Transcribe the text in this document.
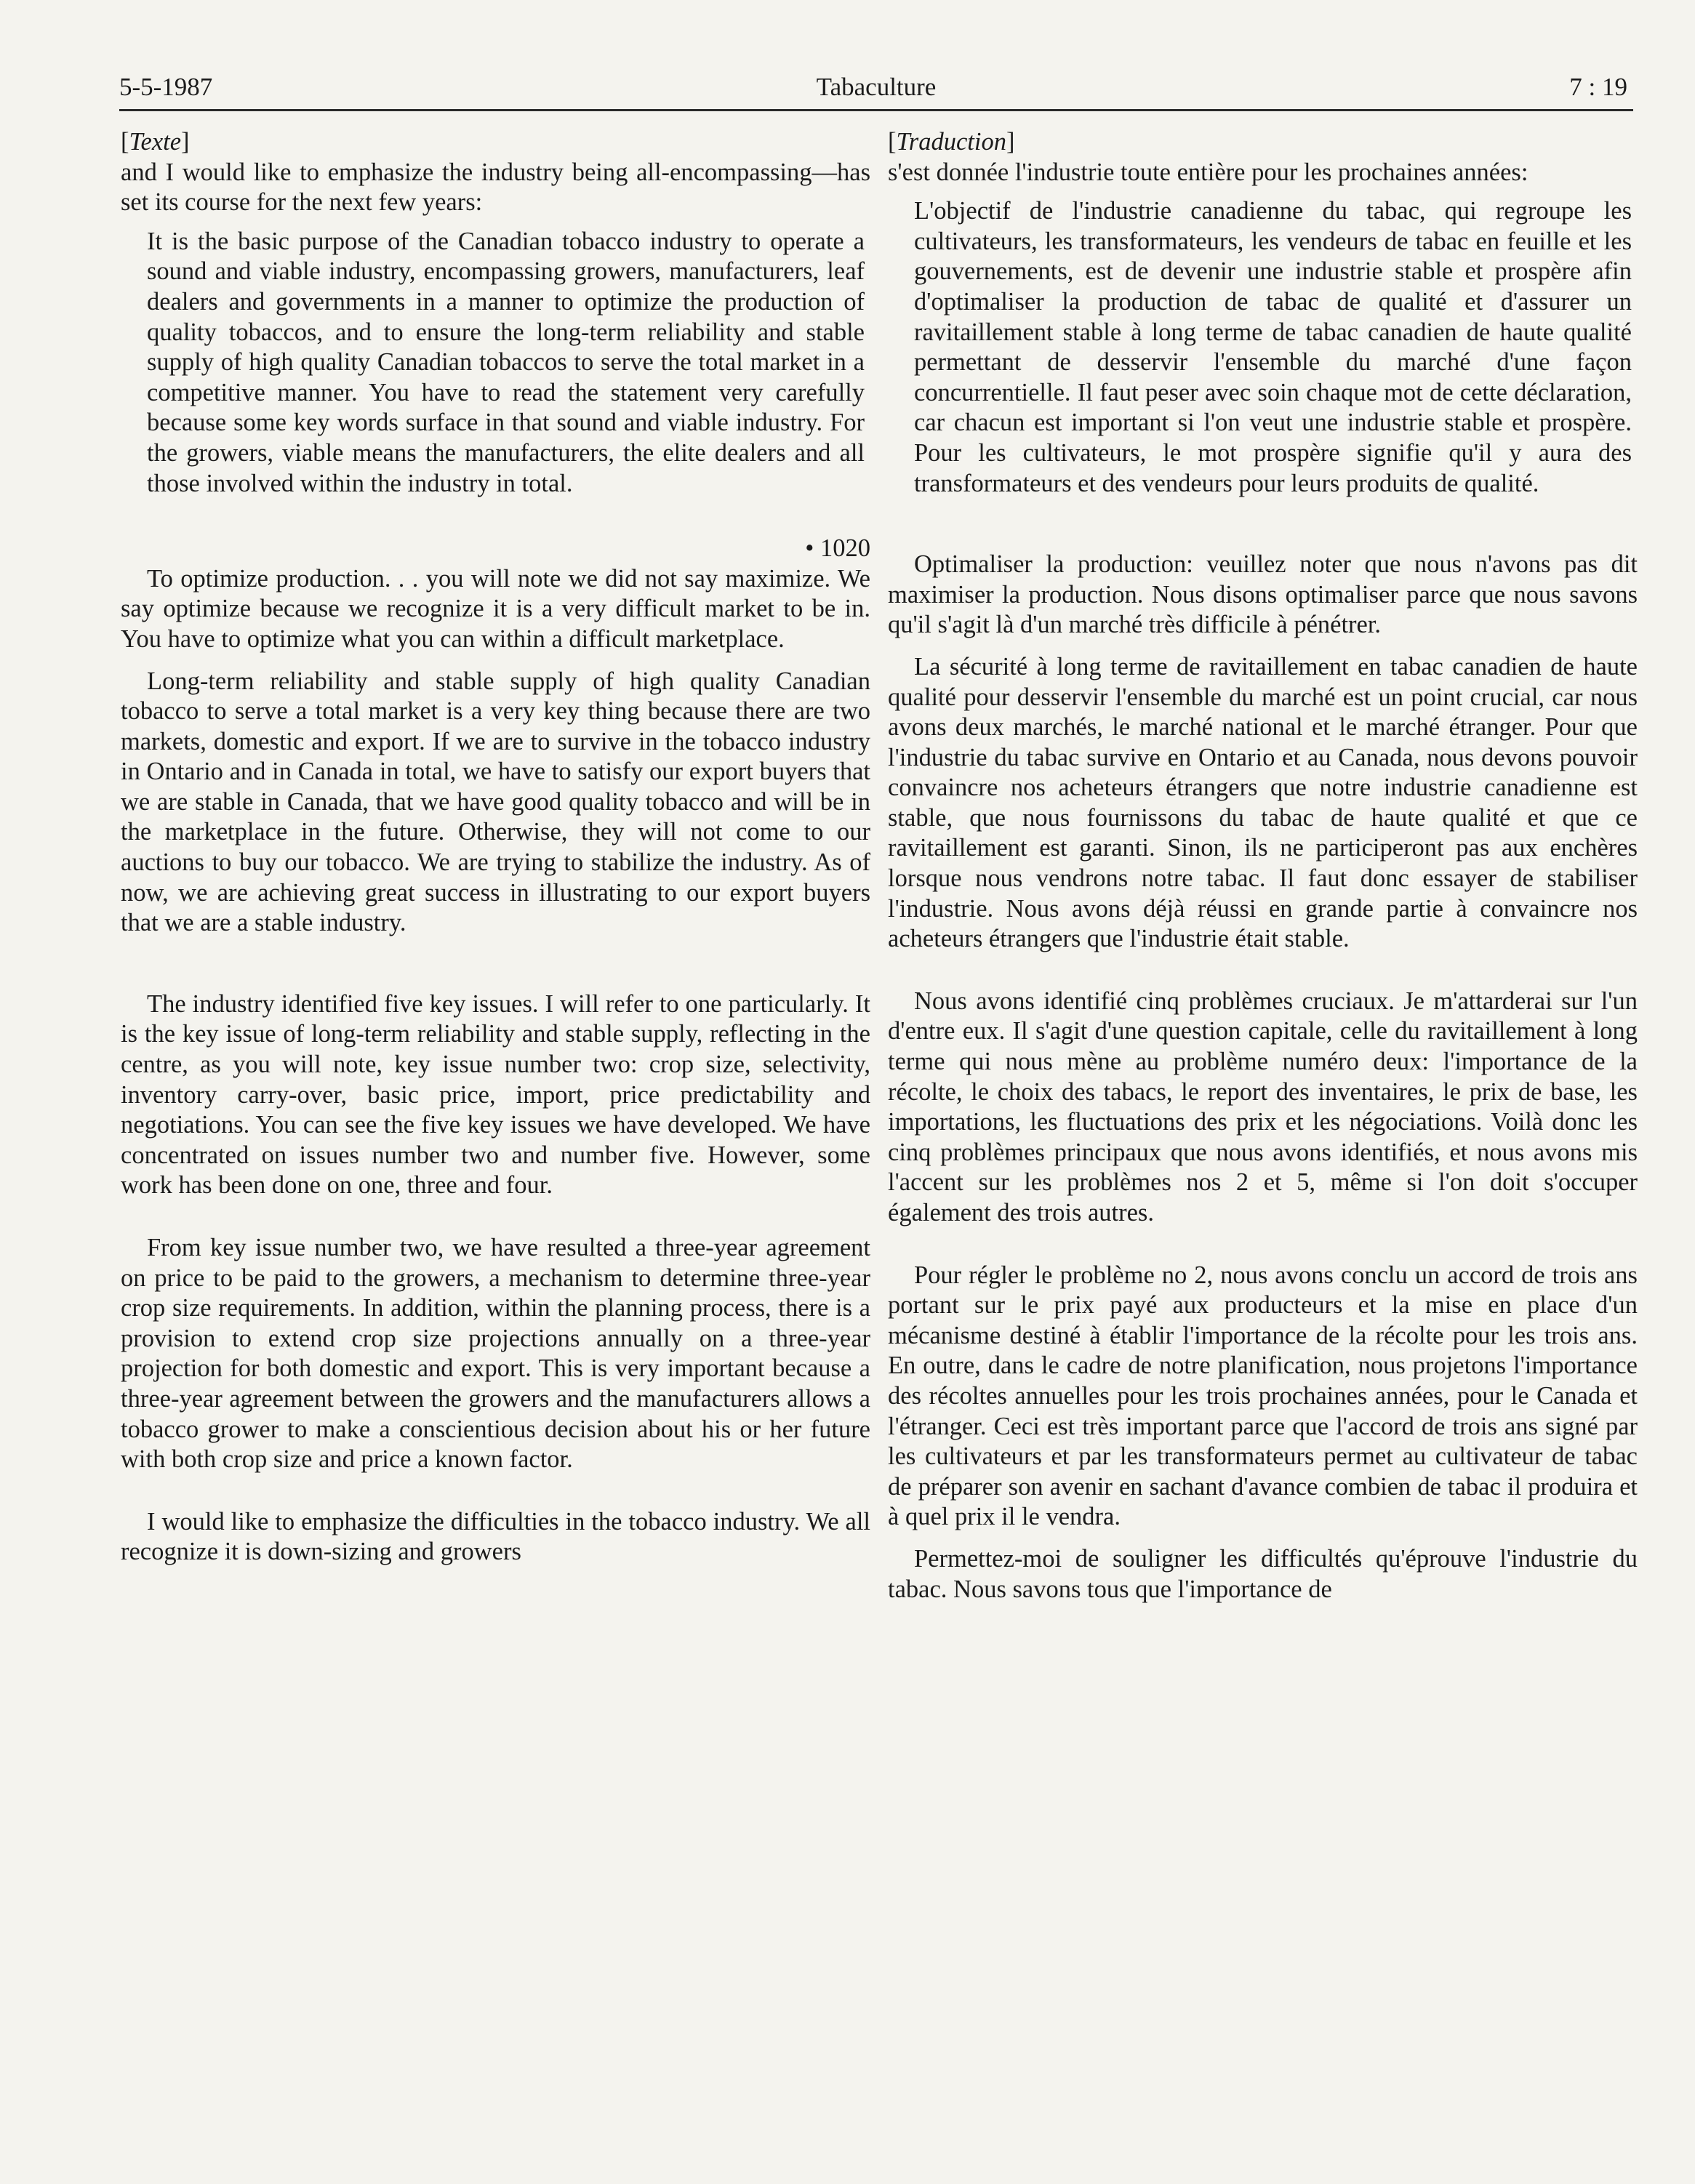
5-5-1987	Tabaculture	7 : 19

[Texte]

and I would like to emphasize the industry being all-encompassing—has set its course for the next few years:

It is the basic purpose of the Canadian tobacco industry to operate a sound and viable industry, encompassing growers, manufacturers, leaf dealers and governments in a manner to optimize the production of quality tobaccos, and to ensure the long-term reliability and stable supply of high quality Canadian tobaccos to serve the total market in a competitive manner. You have to read the statement very carefully because some key words surface in that sound and viable industry. For the growers, viable means the manufacturers, the elite dealers and all those involved within the industry in total.

• 1020

To optimize production. . . you will note we did not say maximize. We say optimize because we recognize it is a very difficult market to be in. You have to optimize what you can within a difficult marketplace.

Long-term reliability and stable supply of high quality Canadian tobacco to serve a total market is a very key thing because there are two markets, domestic and export. If we are to survive in the tobacco industry in Ontario and in Canada in total, we have to satisfy our export buyers that we are stable in Canada, that we have good quality tobacco and will be in the marketplace in the future. Otherwise, they will not come to our auctions to buy our tobacco. We are trying to stabilize the industry. As of now, we are achieving great success in illustrating to our export buyers that we are a stable industry.

The industry identified five key issues. I will refer to one particularly. It is the key issue of long-term reliability and stable supply, reflecting in the centre, as you will note, key issue number two: crop size, selectivity, inventory carry-over, basic price, import, price predictability and negotiations. You can see the five key issues we have developed. We have concentrated on issues number two and number five. However, some work has been done on one, three and four.

From key issue number two, we have resulted a three-year agreement on price to be paid to the growers, a mechanism to determine three-year crop size requirements. In addition, within the planning process, there is a provision to extend crop size projections annually on a three-year projection for both domestic and export. This is very important because a three-year agreement between the growers and the manufacturers allows a tobacco grower to make a conscientious decision about his or her future with both crop size and price a known factor.

I would like to emphasize the difficulties in the tobacco industry. We all recognize it is down-sizing and growers

[Traduction]

s'est donnée l'industrie toute entière pour les prochaines années:

L'objectif de l'industrie canadienne du tabac, qui regroupe les cultivateurs, les transformateurs, les vendeurs de tabac en feuille et les gouvernements, est de devenir une industrie stable et prospère afin d'optimaliser la production de tabac de qualité et d'assurer un ravitaillement stable à long terme de tabac canadien de haute qualité permettant de desservir l'ensemble du marché d'une façon concurrentielle. Il faut peser avec soin chaque mot de cette déclaration, car chacun est important si l'on veut une industrie stable et prospère. Pour les cultivateurs, le mot prospère signifie qu'il y aura des transformateurs et des vendeurs pour leurs produits de qualité.

Optimaliser la production: veuillez noter que nous n'avons pas dit maximiser la production. Nous disons optimaliser parce que nous savons qu'il s'agit là d'un marché très difficile à pénétrer.

La sécurité à long terme de ravitaillement en tabac canadien de haute qualité pour desservir l'ensemble du marché est un point crucial, car nous avons deux marchés, le marché national et le marché étranger. Pour que l'industrie du tabac survive en Ontario et au Canada, nous devons pouvoir convaincre nos acheteurs étrangers que notre industrie canadienne est stable, que nous fournissons du tabac de haute qualité et que ce ravitaillement est garanti. Sinon, ils ne participeront pas aux enchères lorsque nous vendrons notre tabac. Il faut donc essayer de stabiliser l'industrie. Nous avons déjà réussi en grande partie à convaincre nos acheteurs étrangers que l'industrie était stable.

Nous avons identifié cinq problèmes cruciaux. Je m'attarderai sur l'un d'entre eux. Il s'agit d'une question capitale, celle du ravitaillement à long terme qui nous mène au problème numéro deux: l'importance de la récolte, le choix des tabacs, le report des inventaires, le prix de base, les importations, les fluctuations des prix et les négociations. Voilà donc les cinq problèmes principaux que nous avons identifiés, et nous avons mis l'accent sur les problèmes nos 2 et 5, même si l'on doit s'occuper également des trois autres.

Pour régler le problème no 2, nous avons conclu un accord de trois ans portant sur le prix payé aux producteurs et la mise en place d'un mécanisme destiné à établir l'importance de la récolte pour les trois ans. En outre, dans le cadre de notre planification, nous projetons l'importance des récoltes annuelles pour les trois prochaines années, pour le Canada et l'étranger. Ceci est très important parce que l'accord de trois ans signé par les cultivateurs et par les transformateurs permet au cultivateur de tabac de préparer son avenir en sachant d'avance combien de tabac il produira et à quel prix il le vendra.

Permettez-moi de souligner les difficultés qu'éprouve l'industrie du tabac. Nous savons tous que l'importance de
